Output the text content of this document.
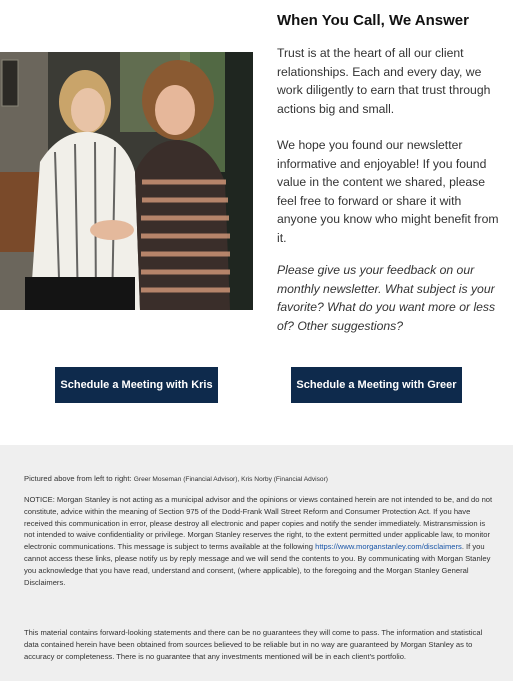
When You Call, We Answer

Trust is at the heart of all our client relationships. Each and every day, we work diligently to earn that trust through actions big and small.

We hope you found our newsletter informative and enjoyable! If you found value in the content we shared, please feel free to forward or share it with anyone you know who might benefit from it.

Please give us your feedback on our monthly newsletter. What subject is your favorite? What do you want more or less of? Other suggestions?

Schedule a Meeting with Kris	Schedule a Meeting with Greer

Pictured above from left to right: Greer Moseman (Financial Advisor), Kris Norby (Financial Advisor)

NOTICE: Morgan Stanley is not acting as a municipal advisor and the opinions or views contained herein are not intended to be, and do not constitute, advice within the meaning of Section 975 of the Dodd-Frank Wall Street Reform and Consumer Protection Act. If you have received this communication in error, please destroy all electronic and paper copies and notify the sender immediately. Mistransmission is not intended to waive confidentiality or privilege. Morgan Stanley reserves the right, to the extent permitted under applicable law, to monitor electronic communications. This message is subject to terms available at the following https://www.morganstanley.com/disclaimers. If you cannot access these links, please notify us by reply message and we will send the contents to you. By communicating with Morgan Stanley you acknowledge that you have read, understand and consent, (where applicable), to the foregoing and the Morgan Stanley General Disclaimers.

This material contains forward-looking statements and there can be no guarantees they will come to pass. The information and statistical data contained herein have been obtained from sources believed to be reliable but in no way are guaranteed by Morgan Stanley as to accuracy or completeness. There is no guarantee that any investments mentioned will be in each client's portfolio.
